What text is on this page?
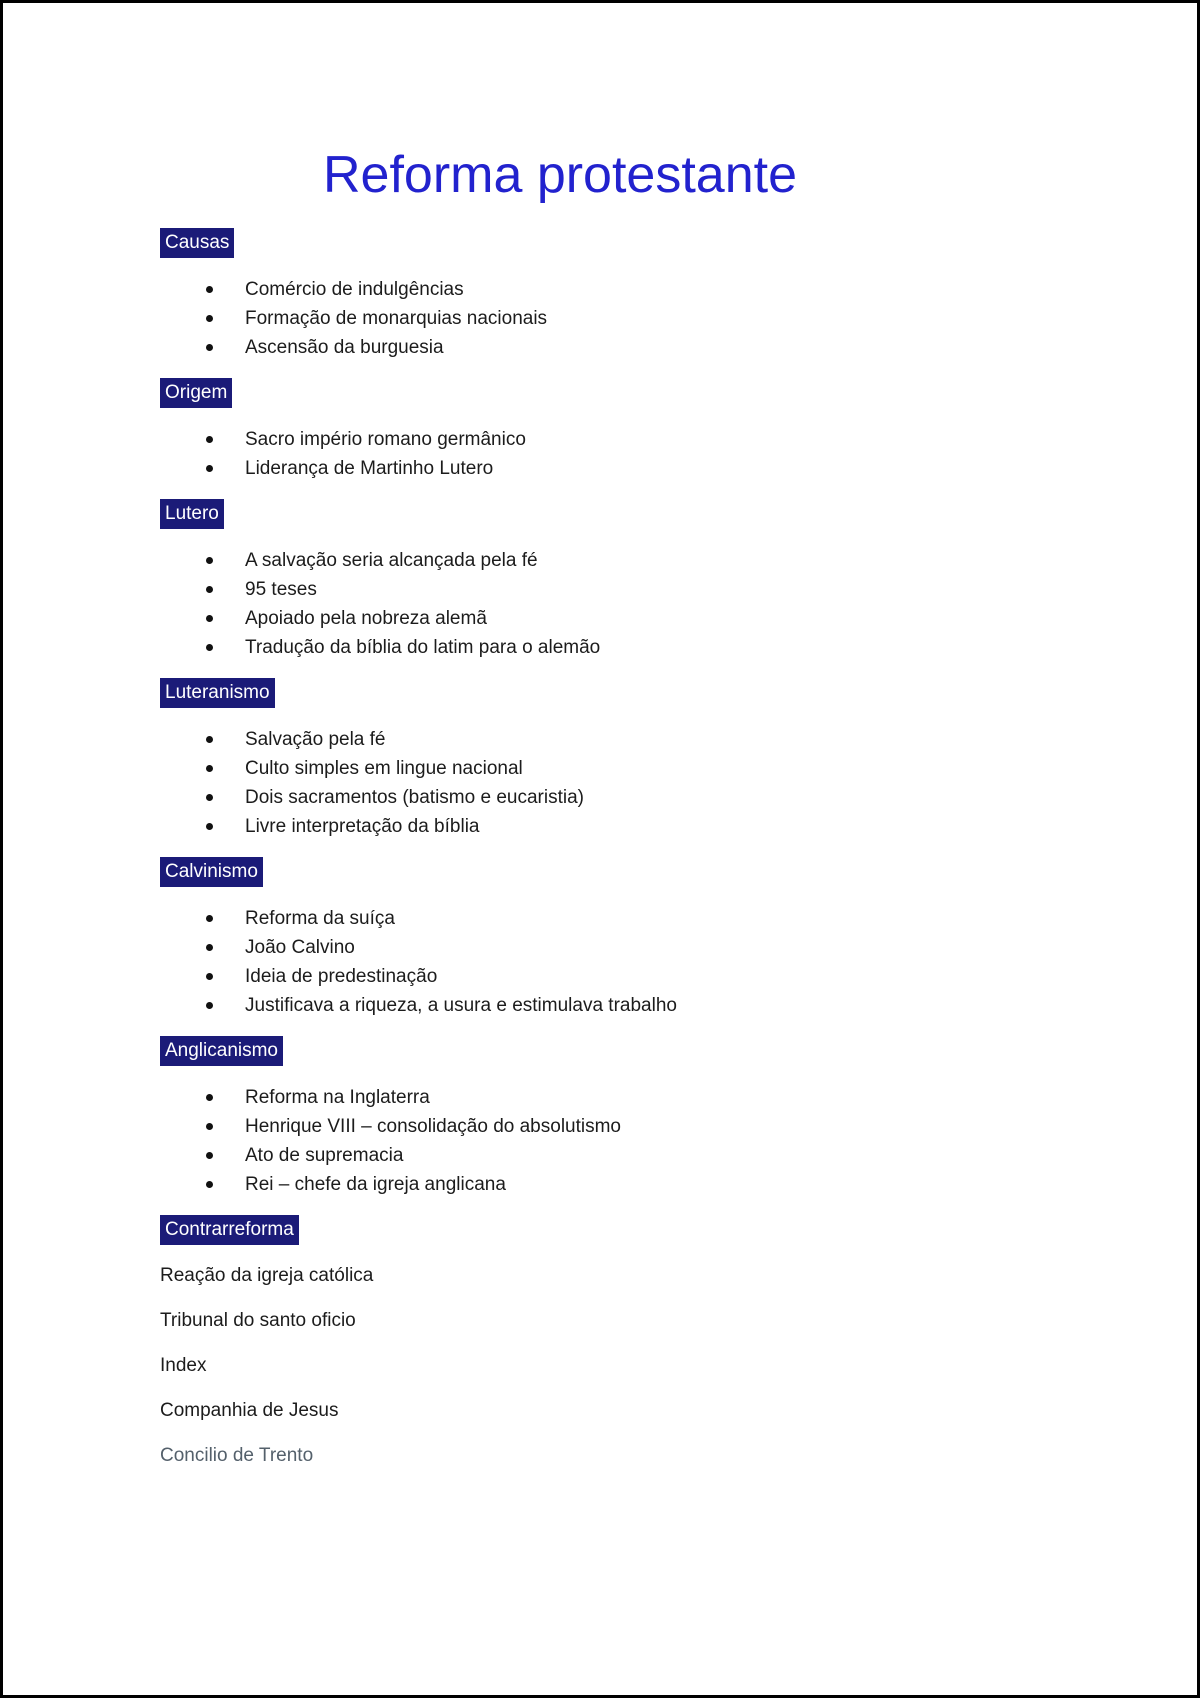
Reforma protestante
Causas
Comércio de indulgências
Formação de monarquias nacionais
Ascensão da burguesia
Origem
Sacro império romano germânico
Liderança de Martinho Lutero
Lutero
A salvação seria alcançada pela fé
95 teses
Apoiado pela nobreza alemã
Tradução da bíblia do latim para o alemão
Luteranismo
Salvação pela fé
Culto simples em lingue nacional
Dois sacramentos (batismo e eucaristia)
Livre interpretação da bíblia
Calvinismo
Reforma da suíça
João Calvino
Ideia de predestinação
Justificava a riqueza, a usura e estimulava trabalho
Anglicanismo
Reforma na Inglaterra
Henrique VIII – consolidação do absolutismo
Ato de supremacia
Rei – chefe da igreja anglicana
Contrarreforma

Reação da igreja católica

Tribunal do santo oficio

Index

Companhia de Jesus

Concilio de Trento
